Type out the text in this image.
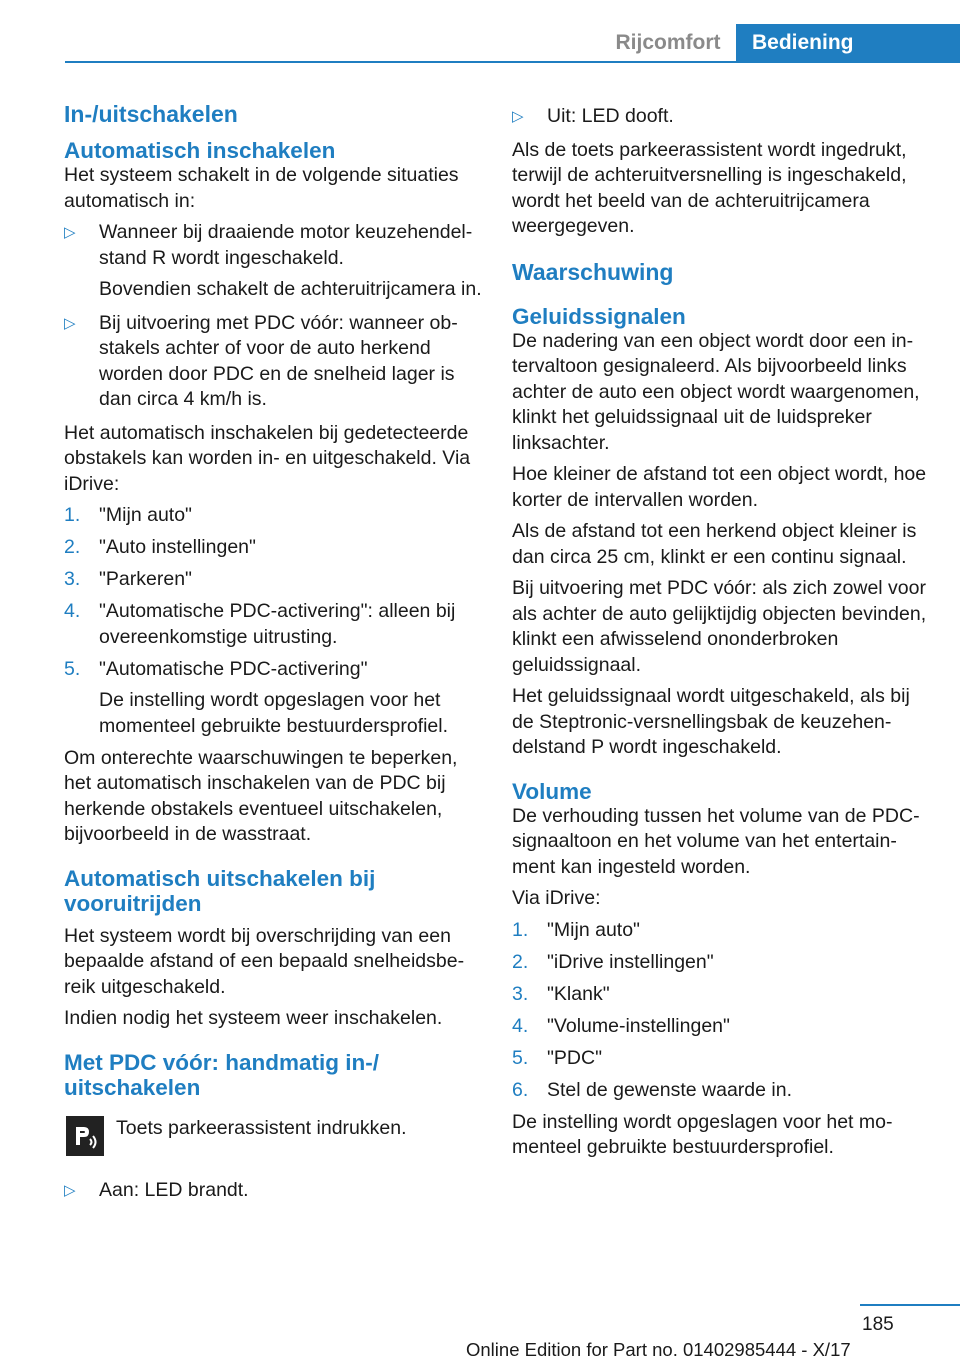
Rijcomfort	Bediening
In-/uitschakelen
Automatisch inschakelen

Het systeem schakelt in de volgende situaties automatisch in:

▷ Wanneer bij draaiende motor keuzehendelstand R wordt ingeschakeld.

Bovendien schakelt de achteruitrijcamera in.

▷ Bij uitvoering met PDC vóór: wanneer obstakels achter of voor de auto herkend worden door PDC en de snelheid lager is dan circa 4 km/h is.

Het automatisch inschakelen bij gedetecteerde obstakels kan worden in- en uitgeschakeld. Via iDrive:

1. "Mijn auto"
2. "Auto instellingen"
3. "Parkeren"
4. "Automatische PDC-activering": alleen bij overeenkomstige uitrusting.
5. "Automatische PDC-activering"

De instelling wordt opgeslagen voor het momenteel gebruikte bestuurdersprofiel.

Om onterechte waarschuwingen te beperken, het automatisch inschakelen van de PDC bij herkende obstakels eventueel uitschakelen, bijvoorbeeld in de wasstraat.

Automatisch uitschakelen bij vooruitrijden

Het systeem wordt bij overschrijding van een bepaalde afstand of een bepaald snelheidsbereik uitgeschakeld.

Indien nodig het systeem weer inschakelen.

Met PDC vóór: handmatig in-/ uitschakelen
Toets parkeerassistent indrukken.
▷ Aan: LED brandt.
▷ Uit: LED dooft.

Als de toets parkeerassistent wordt ingedrukt, terwijl de achteruitversnelling is ingeschakeld, wordt het beeld van de achteruitrijcamera weergegeven.

Waarschuwing
Geluidssignalen

De nadering van een object wordt door een intervaltoon gesignaleerd. Als bijvoorbeeld links achter de auto een object wordt waargenomen, klinkt het geluidssignaal uit de luidspreker linksachter.

Hoe kleiner de afstand tot een object wordt, hoe korter de intervallen worden.

Als de afstand tot een herkend object kleiner is dan circa 25 cm, klinkt er een continu signaal.

Bij uitvoering met PDC vóór: als zich zowel voor als achter de auto gelijktijdig objecten bevinden, klinkt een afwisselend ononderbroken geluidssignaal.

Het geluidssignaal wordt uitgeschakeld, als bij de Steptronic-versnellingsbak de keuzehendelstand P wordt ingeschakeld.

Volume

De verhouding tussen het volume van de PDC-signaaltoon en het volume van het entertainment kan ingesteld worden.

Via iDrive:

1. "Mijn auto"
2. "iDrive instellingen"
3. "Klank"
4. "Volume-instellingen"
5. "PDC"
6. Stel de gewenste waarde in.

De instelling wordt opgeslagen voor het momenteel gebruikte bestuurdersprofiel.

185
Online Edition for Part no. 01402985444 - X/17
